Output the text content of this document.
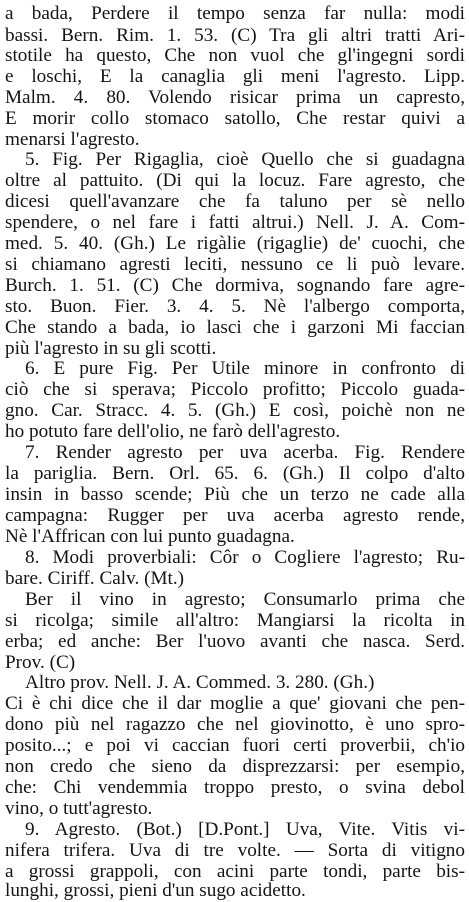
a bada, Perdere il tempo senza far nulla: modi
bassi. Bern. Rim. 1. 53. (C) Tra gli altri tratti Ari-
stotile ha questo, Che non vuol che gl'ingegni sordi
e loschi, E la canaglia gli meni l'agresto. Lipp.
Malm. 4. 80. Volendo risicar prima un capresto,
E morir collo stomaco satollo, Che restar quivi a
menarsi l'agresto.
5. Fig. Per Rigaglia, cioè Quello che si guadagna
oltre al pattuito. (Di qui la locuz. Fare agresto, che
dicesi quell'avanzare che fa taluno per sè nello
spendere, o nel fare i fatti altrui.) Nell. J. A. Com-
med. 5. 40. (Gh.) Le rigàlie (rigaglie) de' cuochi, che
si chiamano agresti leciti, nessuno ce li può levare.
Burch. 1. 51. (C) Che dormiva, sognando fare agre-
sto. Buon. Fier. 3. 4. 5. Nè l'albergo comporta,
Che stando a bada, io lasci che i garzoni Mi faccian
più l'agresto in su gli scotti.
6. E pure Fig. Per Utile minore in confronto di
ciò che si sperava; Piccolo profitto; Piccolo guada-
gno. Car. Stracc. 4. 5. (Gh.) E così, poichè non ne
ho potuto fare dell'olio, ne farò dell'agresto.
7. Render agresto per uva acerba. Fig. Rendere
la pariglia. Bern. Orl. 65. 6. (Gh.) Il colpo d'alto
insin in basso scende; Più che un terzo ne cade alla
campagna: Rugger per uva acerba agresto rende,
Nè l'Affrican con lui punto guadagna.
8. Modi proverbiali: Côr o Cogliere l'agresto; Ru-
bare. Ciriff. Calv. (Mt.)
Ber il vino in agresto; Consumarlo prima che
si ricolga; simile all'altro: Mangiarsi la ricolta in
erba; ed anche: Ber l'uovo avanti che nasca. Serd.
Prov. (C)
Altro prov. Nell. J. A. Commed. 3. 280. (Gh.)
Ci è chi dice che il dar moglie a que' giovani che pen-
dono più nel ragazzo che nel giovinotto, è uno spro-
posito...; e poi vi caccian fuori certi proverbii, ch'io
non credo che sieno da disprezzarsi: per esempio,
che: Chi vendemmia troppo presto, o svina debol
vino, o tutt'agresto.
9. Agresto. (Bot.) [D.Pont.] Uva, Vite. Vitis vi-
nifera trifera. Uva di tre volte. — Sorta di vitigno
a grossi grappoli, con acini parte tondi, parte bis-
lunghi, grossi, pieni d'un sugo acidetto.
